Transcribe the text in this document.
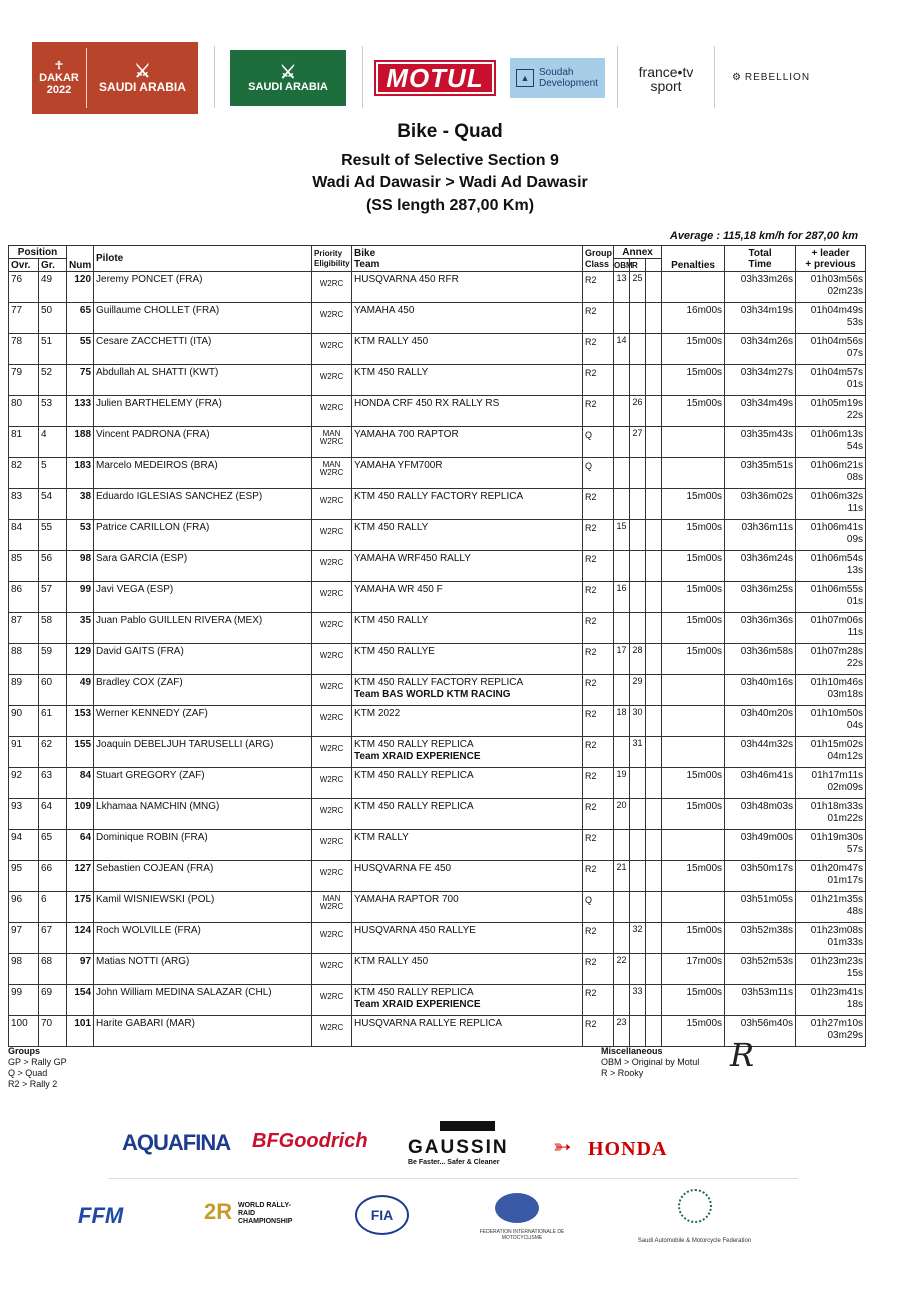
☥
DAKAR
2022
⚔
SAUDI ARABIA
⚔
SAUDI ARABIA	MOTUL	▲ Soudah
Development
france•tv
sport
⚙ REBELLION
Bike - Quad
Result of Selective Section 9
Wadi Ad Dawasir > Wadi Ad Dawasir
(SS length 287,00 Km)
Average : 115,18 km/h for 287,00 km
Position		Num	Pilote	Priority
Eligibility	Bike
Team	Group
Class	Annex			Penalties	Total
Time	+ leader
+ previous
Ovr.	Gr.						OBM	R				
76	49	120	Jeremy PONCET (FRA)	W2RC	HUSQVARNA 450 RFR	R2	13	25			03h33m26s	01h03m56s
02m23s

77	50	65	Guillaume CHOLLET (FRA)	W2RC	YAMAHA 450	R2				16m00s	03h34m19s	01h04m49s
53s

78	51	55	Cesare ZACCHETTI (ITA)	W2RC	KTM RALLY 450	R2	14			15m00s	03h34m26s	01h04m56s
07s

79	52	75	Abdullah AL SHATTI (KWT)	W2RC	KTM 450 RALLY	R2				15m00s	03h34m27s	01h04m57s
01s

80	53	133	Julien BARTHELEMY (FRA)	W2RC	HONDA CRF 450 RX RALLY RS	R2		26		15m00s	03h34m49s	01h05m19s
22s

81	4	188	Vincent PADRONA (FRA)	MAN W2RC	YAMAHA 700 RAPTOR	Q		27			03h35m43s	01h06m13s
54s

82	5	183	Marcelo MEDEIROS (BRA)	MAN W2RC	YAMAHA YFM700R	Q					03h35m51s	01h06m21s
08s

83	54	38	Eduardo IGLESIAS SANCHEZ (ESP)	W2RC	KTM 450 RALLY FACTORY REPLICA	R2				15m00s	03h36m02s	01h06m32s
11s

84	55	53	Patrice CARILLON (FRA)	W2RC	KTM 450 RALLY	R2	15			15m00s	03h36m11s	01h06m41s
09s

85	56	98	Sara GARCIA (ESP)	W2RC	YAMAHA WRF450 RALLY	R2				15m00s	03h36m24s	01h06m54s
13s

86	57	99	Javi VEGA (ESP)	W2RC	YAMAHA WR 450 F	R2	16			15m00s	03h36m25s	01h06m55s
01s

87	58	35	Juan Pablo GUILLEN RIVERA (MEX)	W2RC	KTM 450 RALLY	R2				15m00s	03h36m36s	01h07m06s
11s

88	59	129	David GAITS (FRA)	W2RC	KTM 450 RALLYE	R2	17	28		15m00s	03h36m58s	01h07m28s
22s

89	60	49	Bradley COX (ZAF)	W2RC	KTM 450 RALLY FACTORY REPLICA
Team BAS WORLD KTM RACING	R2		29			03h40m16s	01h10m46s
03m18s

90	61	153	Werner KENNEDY (ZAF)	W2RC	KTM 2022	R2	18	30			03h40m20s	01h10m50s
04s

91	62	155	Joaquin DEBELJUH TARUSELLI (ARG)	W2RC	KTM 450 RALLY REPLICA
Team XRAID EXPERIENCE	R2		31			03h44m32s	01h15m02s
04m12s

92	63	84	Stuart GREGORY (ZAF)	W2RC	KTM 450 RALLY REPLICA	R2	19			15m00s	03h46m41s	01h17m11s
02m09s

93	64	109	Lkhamaa NAMCHIN (MNG)	W2RC	KTM 450 RALLY REPLICA	R2	20			15m00s	03h48m03s	01h18m33s
01m22s

94	65	64	Dominique ROBIN (FRA)	W2RC	KTM RALLY	R2					03h49m00s	01h19m30s
57s

95	66	127	Sebastien COJEAN (FRA)	W2RC	HUSQVARNA FE 450	R2	21			15m00s	03h50m17s	01h20m47s
01m17s

96	6	175	Kamil WISNIEWSKI (POL)	MAN W2RC	YAMAHA RAPTOR 700	Q					03h51m05s	01h21m35s
48s

97	67	124	Roch WOLVILLE (FRA)	W2RC	HUSQVARNA 450 RALLYE	R2		32		15m00s	03h52m38s	01h23m08s
01m33s

98	68	97	Matias NOTTI (ARG)	W2RC	KTM RALLY 450	R2	22			17m00s	03h52m53s	01h23m23s
15s

99	69	154	John William MEDINA SALAZAR (CHL)	W2RC	KTM 450 RALLY REPLICA
Team XRAID EXPERIENCE	R2		33		15m00s	03h53m11s	01h23m41s
18s

100	70	101	Harite GABARI (MAR)	W2RC	HUSQVARNA RALLYE REPLICA	R2	23			15m00s	03h56m40s	01h27m10s
03m29s
Groups
GP > Rally GP
Q > Quad
R2 > Rally 2
Miscellaneous
OBM > Original by Motul
R > Rooky	R
AQUAFINA BFGoodrich GAUSSIN
Be Faster... Safer & Cleaner
➳ HONDA
FFM	2R WORLD RALLY-RAID CHAMPIONSHIP	FIA
FEDERATION INTERNATIONALE DE MOTOCYCLISME	Saudi Automobile & Motorcycle Federation
